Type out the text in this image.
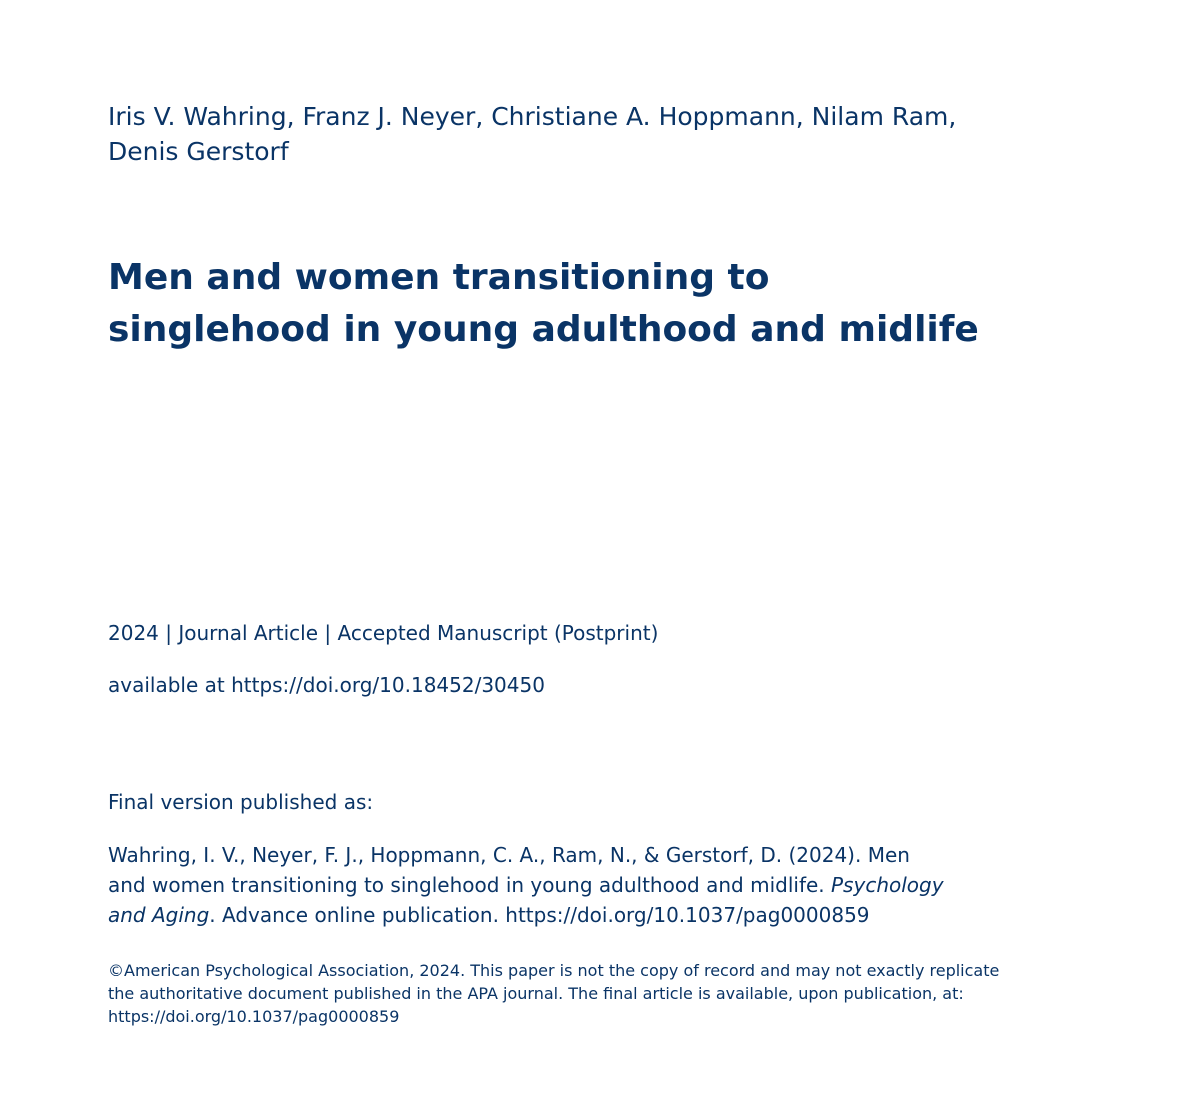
Iris V. Wahring, Franz J. Neyer, Christiane A. Hoppmann, Nilam Ram, Denis Gerstorf
Men and women transitioning to
singlehood in young adulthood and midlife
2024 | Journal Article | Accepted Manuscript (Postprint)
available at https://doi.org/10.18452/30450
Final version published as:
Wahring, I. V., Neyer, F. J., Hoppmann, C. A., Ram, N., & Gerstorf, D. (2024). Men
and women transitioning to singlehood in young adulthood and midlife. Psychology
and Aging. Advance online publication. https://doi.org/10.1037/pag0000859
©American Psychological Association, 2024. This paper is not the copy of record and may not exactly replicate the authoritative document published in the APA journal. The final article is available, upon publication, at: https://doi.org/10.1037/pag0000859
